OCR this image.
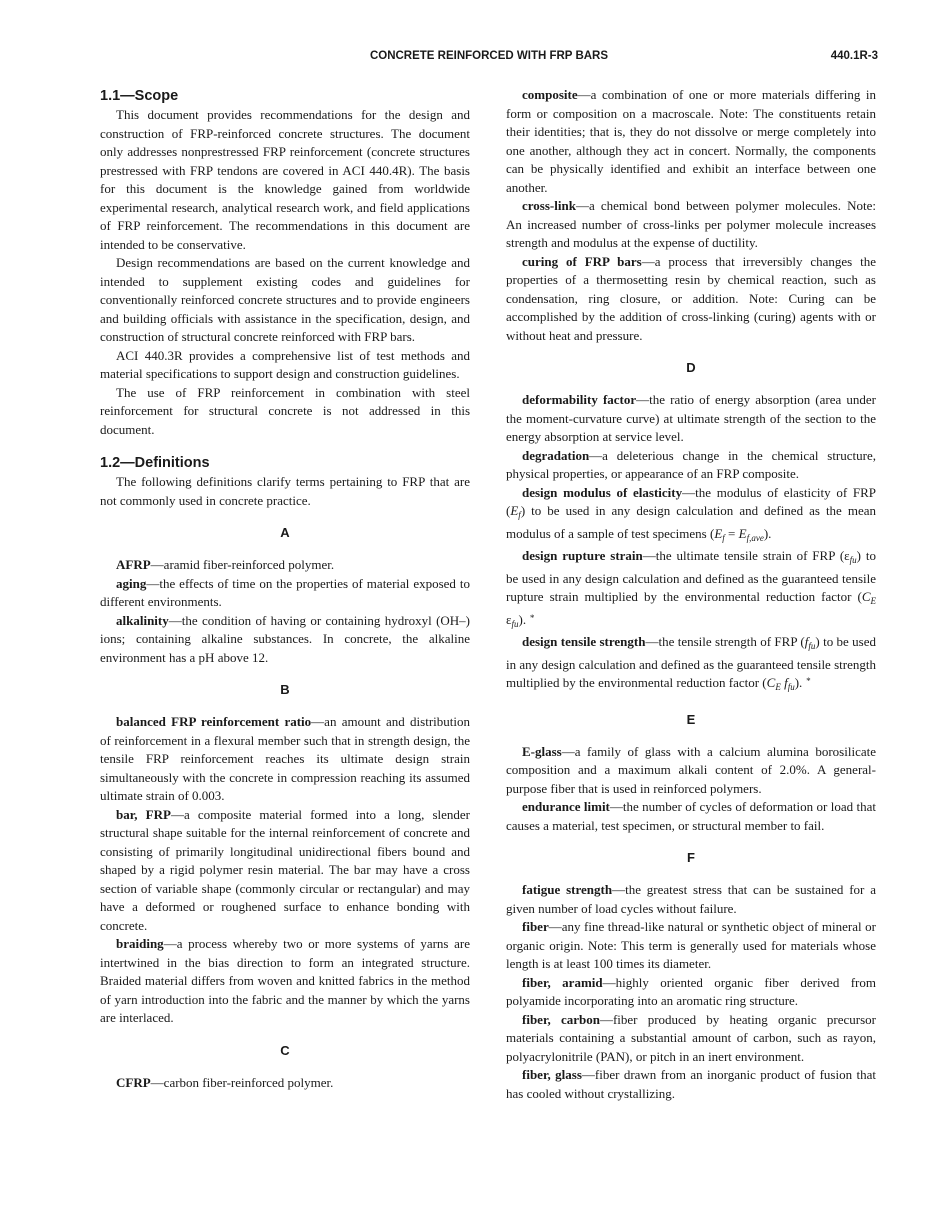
CONCRETE REINFORCED WITH FRP BARS	440.1R-3
1.1—Scope

This document provides recommendations for the design and construction of FRP-reinforced concrete structures. The document only addresses nonprestressed FRP reinforcement (concrete structures prestressed with FRP tendons are covered in ACI 440.4R). The basis for this document is the knowledge gained from worldwide experimental research, analytical research work, and field applications of FRP reinforcement. The recommendations in this document are intended to be conservative.

Design recommendations are based on the current knowledge and intended to supplement existing codes and guidelines for conventionally reinforced concrete structures and to provide engineers and building officials with assistance in the specification, design, and construction of structural concrete reinforced with FRP bars.

ACI 440.3R provides a comprehensive list of test methods and material specifications to support design and construction guidelines.

The use of FRP reinforcement in combination with steel reinforcement for structural concrete is not addressed in this document.

1.2—Definitions

The following definitions clarify terms pertaining to FRP that are not commonly used in concrete practice.

A

AFRP—aramid fiber-reinforced polymer.

aging—the effects of time on the properties of material exposed to different environments.

alkalinity—the condition of having or containing hydroxyl (OH–) ions; containing alkaline substances. In concrete, the alkaline environment has a pH above 12.

B

balanced FRP reinforcement ratio—an amount and distribution of reinforcement in a flexural member such that in strength design, the tensile FRP reinforcement reaches its ultimate design strain simultaneously with the concrete in compression reaching its assumed ultimate strain of 0.003.

bar, FRP—a composite material formed into a long, slender structural shape suitable for the internal reinforcement of concrete and consisting of primarily longitudinal unidirectional fibers bound and shaped by a rigid polymer resin material. The bar may have a cross section of variable shape (commonly circular or rectangular) and may have a deformed or roughened surface to enhance bonding with concrete.

braiding—a process whereby two or more systems of yarns are intertwined in the bias direction to form an integrated structure. Braided material differs from woven and knitted fabrics in the method of yarn introduction into the fabric and the manner by which the yarns are interlaced.

C

CFRP—carbon fiber-reinforced polymer.

composite—a combination of one or more materials differing in form or composition on a macroscale. Note: The constituents retain their identities; that is, they do not dissolve or merge completely into one another, although they act in concert. Normally, the components can be physically identified and exhibit an interface between one another.

cross-link—a chemical bond between polymer molecules. Note: An increased number of cross-links per polymer molecule increases strength and modulus at the expense of ductility.

curing of FRP bars—a process that irreversibly changes the properties of a thermosetting resin by chemical reaction, such as condensation, ring closure, or addition. Note: Curing can be accomplished by the addition of cross-linking (curing) agents with or without heat and pressure.

D

deformability factor—the ratio of energy absorption (area under the moment-curvature curve) at ultimate strength of the section to the energy absorption at service level.

degradation—a deleterious change in the chemical structure, physical properties, or appearance of an FRP composite.

design modulus of elasticity—the modulus of elasticity of FRP $(E_f)$ to be used in any design calculation and defined as the mean modulus of a sample of test specimens $(E_f = E_{f,ave})$.

design rupture strain—the ultimate tensile strain of FRP $(\varepsilon_{fu})$ to be used in any design calculation and defined as the guaranteed tensile rupture strain multiplied by the environmental reduction factor ($C_E$ ε	$_{* fu}$).

design tensile strength—the tensile strength of FRP $(f_{fu})$ to be used in any design calculation and defined as the guaranteed tensile strength multiplied by the environmental reduction factor ($C_E$ f	$_{* fu}$).

E

E-glass—a family of glass with a calcium alumina borosilicate composition and a maximum alkali content of 2.0%. A general-purpose fiber that is used in reinforced polymers.

endurance limit—the number of cycles of deformation or load that causes a material, test specimen, or structural member to fail.

F

fatigue strength—the greatest stress that can be sustained for a given number of load cycles without failure.

fiber—any fine thread-like natural or synthetic object of mineral or organic origin. Note: This term is generally used for materials whose length is at least 100 times its diameter.

fiber, aramid—highly oriented organic fiber derived from polyamide incorporating into an aromatic ring structure.

fiber, carbon—fiber produced by heating organic precursor materials containing a substantial amount of carbon, such as rayon, polyacrylonitrile (PAN), or pitch in an inert environment.

fiber, glass—fiber drawn from an inorganic product of fusion that has cooled without crystallizing.
